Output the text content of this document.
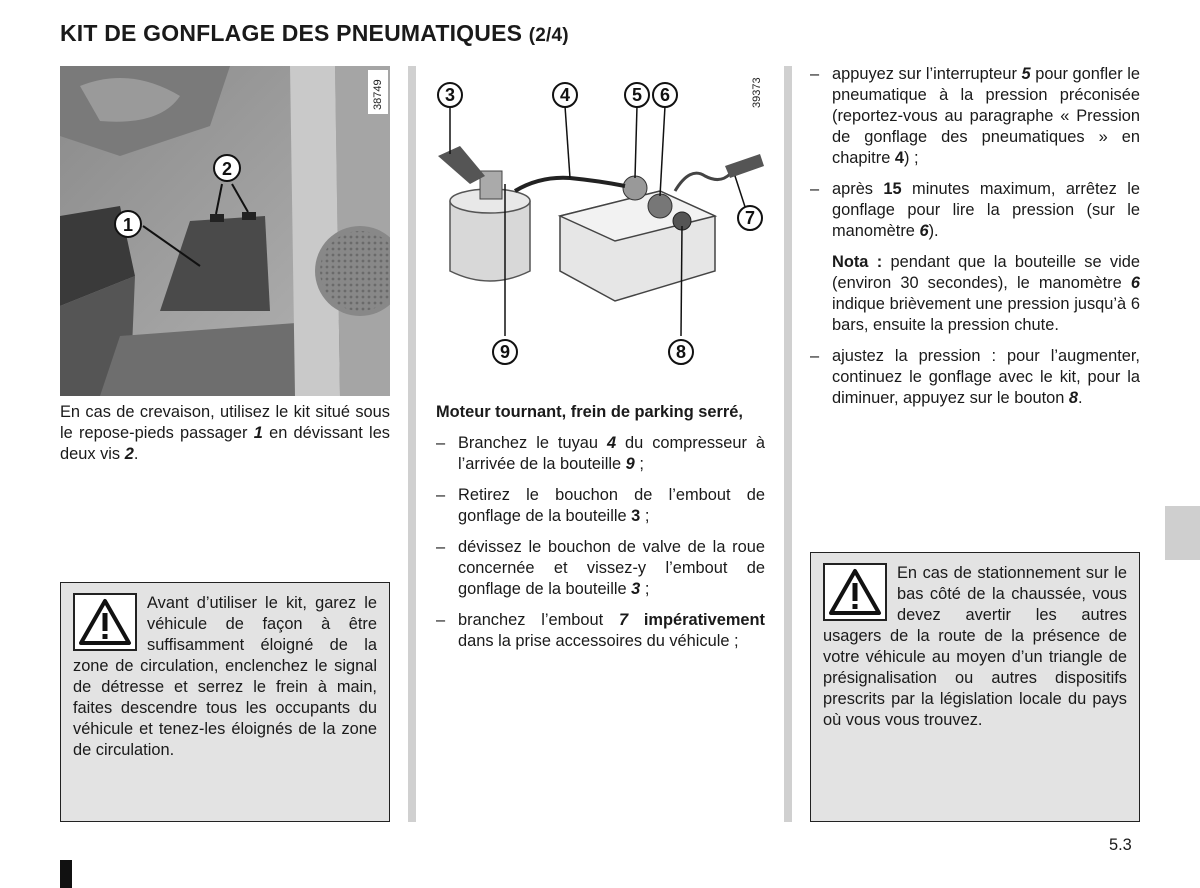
KIT DE GONFLAGE DES PNEUMATIQUES (2/4)
38749
2
1
39373
3	4	5 6
7
9	8

En cas de crevaison, utilisez le kit situé sous le repose-pieds passager 1 en dévissant les deux vis 2.

Avant d’utiliser le kit, garez le véhicule de façon à être suffisamment éloigné de la zone de circulation, enclenchez le signal de détresse et serrez le frein à main, faites descendre tous les occupants du véhicule et tenez-les éloignés de la zone de circulation.

Moteur tournant, frein de parking serré,

– Branchez le tuyau 4 du compresseur à l’arrivée de la bouteille 9 ;
– Retirez le bouchon de l’embout de gonflage de la bouteille 3 ;
– dévissez le bouchon de valve de la roue concernée et vissez-y l’embout de gonflage de la bouteille 3 ;
– branchez l’embout 7 impérativement dans la prise accessoires du véhicule ;
– appuyez sur l’interrupteur 5 pour gonfler le pneumatique à la pression préconisée (reportez-vous au paragraphe « Pression de gonflage des pneumatiques » en chapitre 4) ;
– après 15 minutes maximum, arrêtez le gonflage pour lire la pression (sur le manomètre 6).
Nota : pendant que la bouteille se vide (environ 30 secondes), le manomètre 6 indique brièvement une pression jusqu’à 6 bars, ensuite la pression chute.
– ajustez la pression : pour l’augmenter, continuez le gonflage avec le kit, pour la diminuer, appuyez sur le bouton 8.

En cas de stationnement sur le bas côté de la chaussée, vous devez avertir les autres usagers de la route de la présence de votre véhicule au moyen d’un triangle de présignalisation ou autres dispositifs prescrits par la législation locale du pays où vous vous trouvez.

5.3
